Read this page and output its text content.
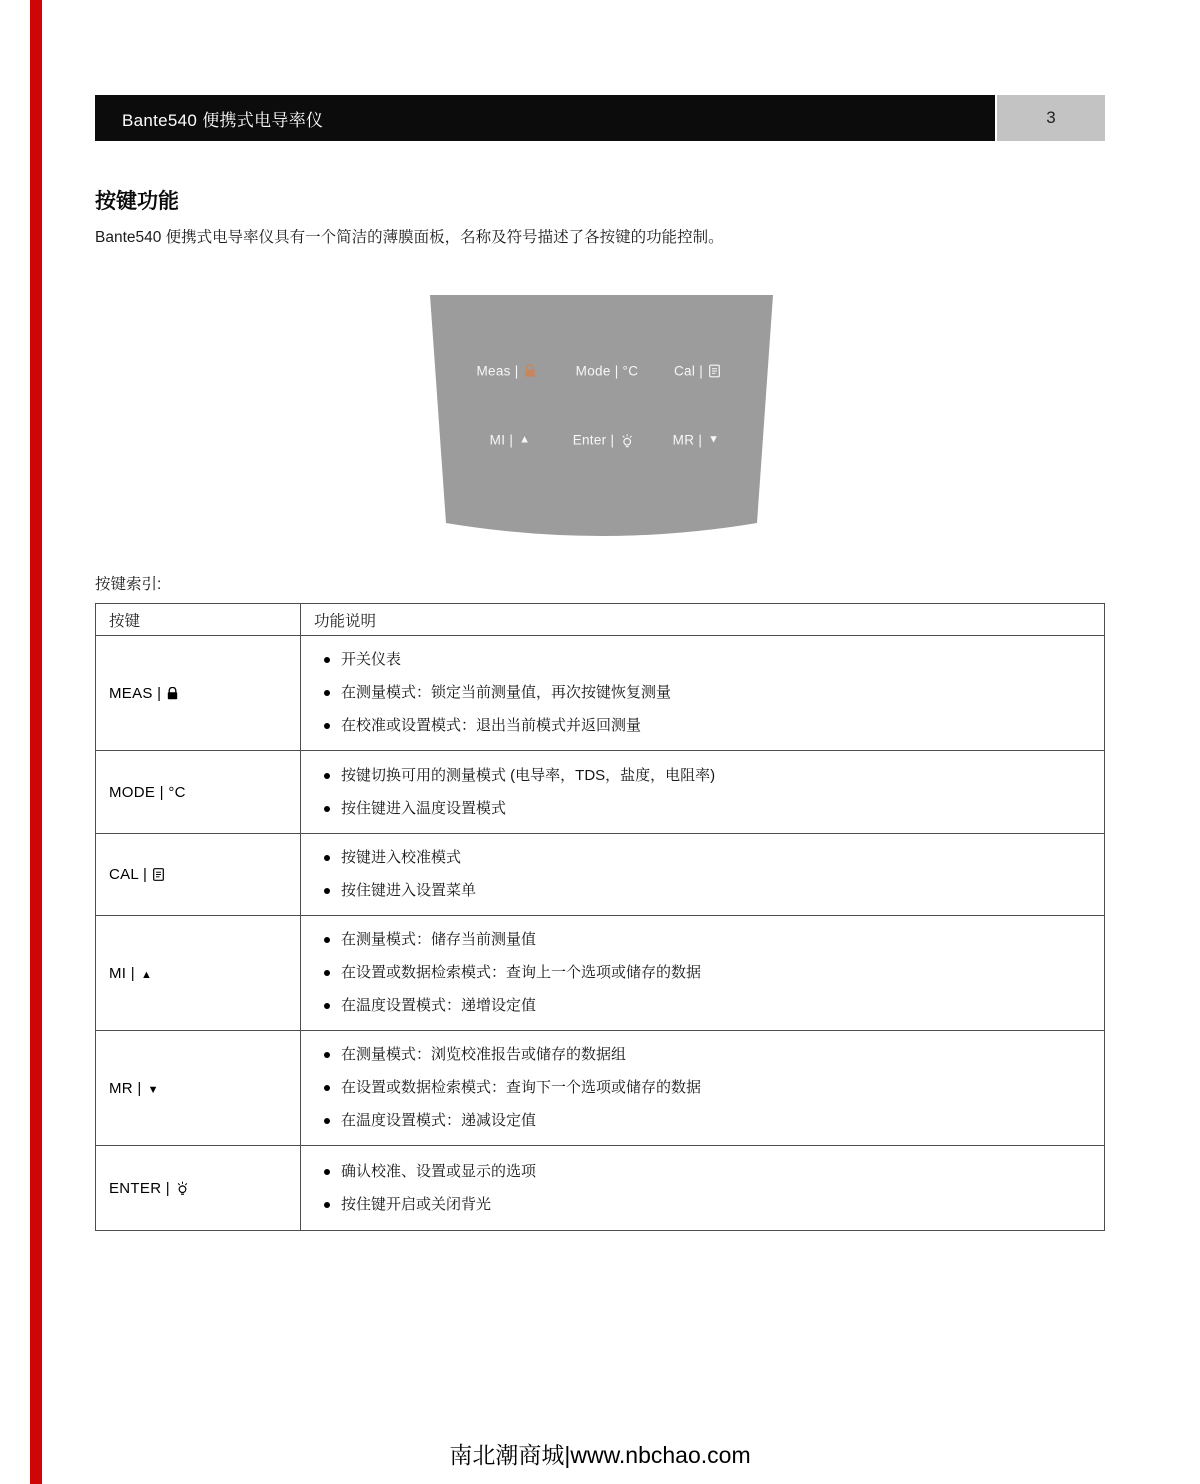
Bante540 便携式电导率仪	3
按键功能

Bante540 便携式电导率仪具有一个简洁的薄膜面板，名称及符号描述了各按键的功能控制。

Meas |	Mode | °C	Cal |
MI | ▲	Enter |	MR | ▼

按键索引:

按键	功能说明

MEAS |

开关仪表
在测量模式：锁定当前测量值，再次按键恢复测量
在校准或设置模式：退出当前模式并返回测量

MODE | °C

按键切换可用的测量模式 (电导率，TDS，盐度，电阻率)
按住键进入温度设置模式

CAL |

按键进入校准模式
按住键进入设置菜单

MI | ▲

在测量模式：储存当前测量值
在设置或数据检索模式：查询上一个选项或储存的数据
在温度设置模式：递增设定值

MR | ▼

在测量模式：浏览校准报告或储存的数据组
在设置或数据检索模式：查询下一个选项或储存的数据
在温度设置模式：递减设定值

ENTER |

确认校准、设置或显示的选项
按住键开启或关闭背光
南北潮商城|www.nbchao.com
